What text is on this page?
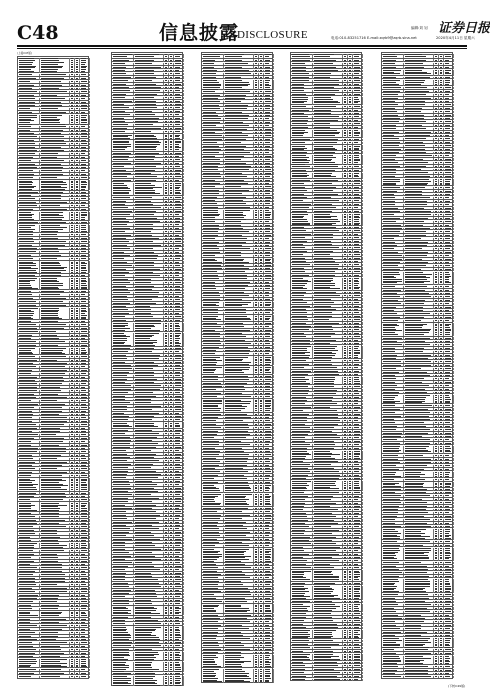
C48	信息披露
DISCLOSURE
编辑:刘 钊
电话:010-83251716 E-mail:zqrb9@zqrb.sina.net	2020年4月11日 星期六
证券日报
(上接C47版)
(下转C49版)
